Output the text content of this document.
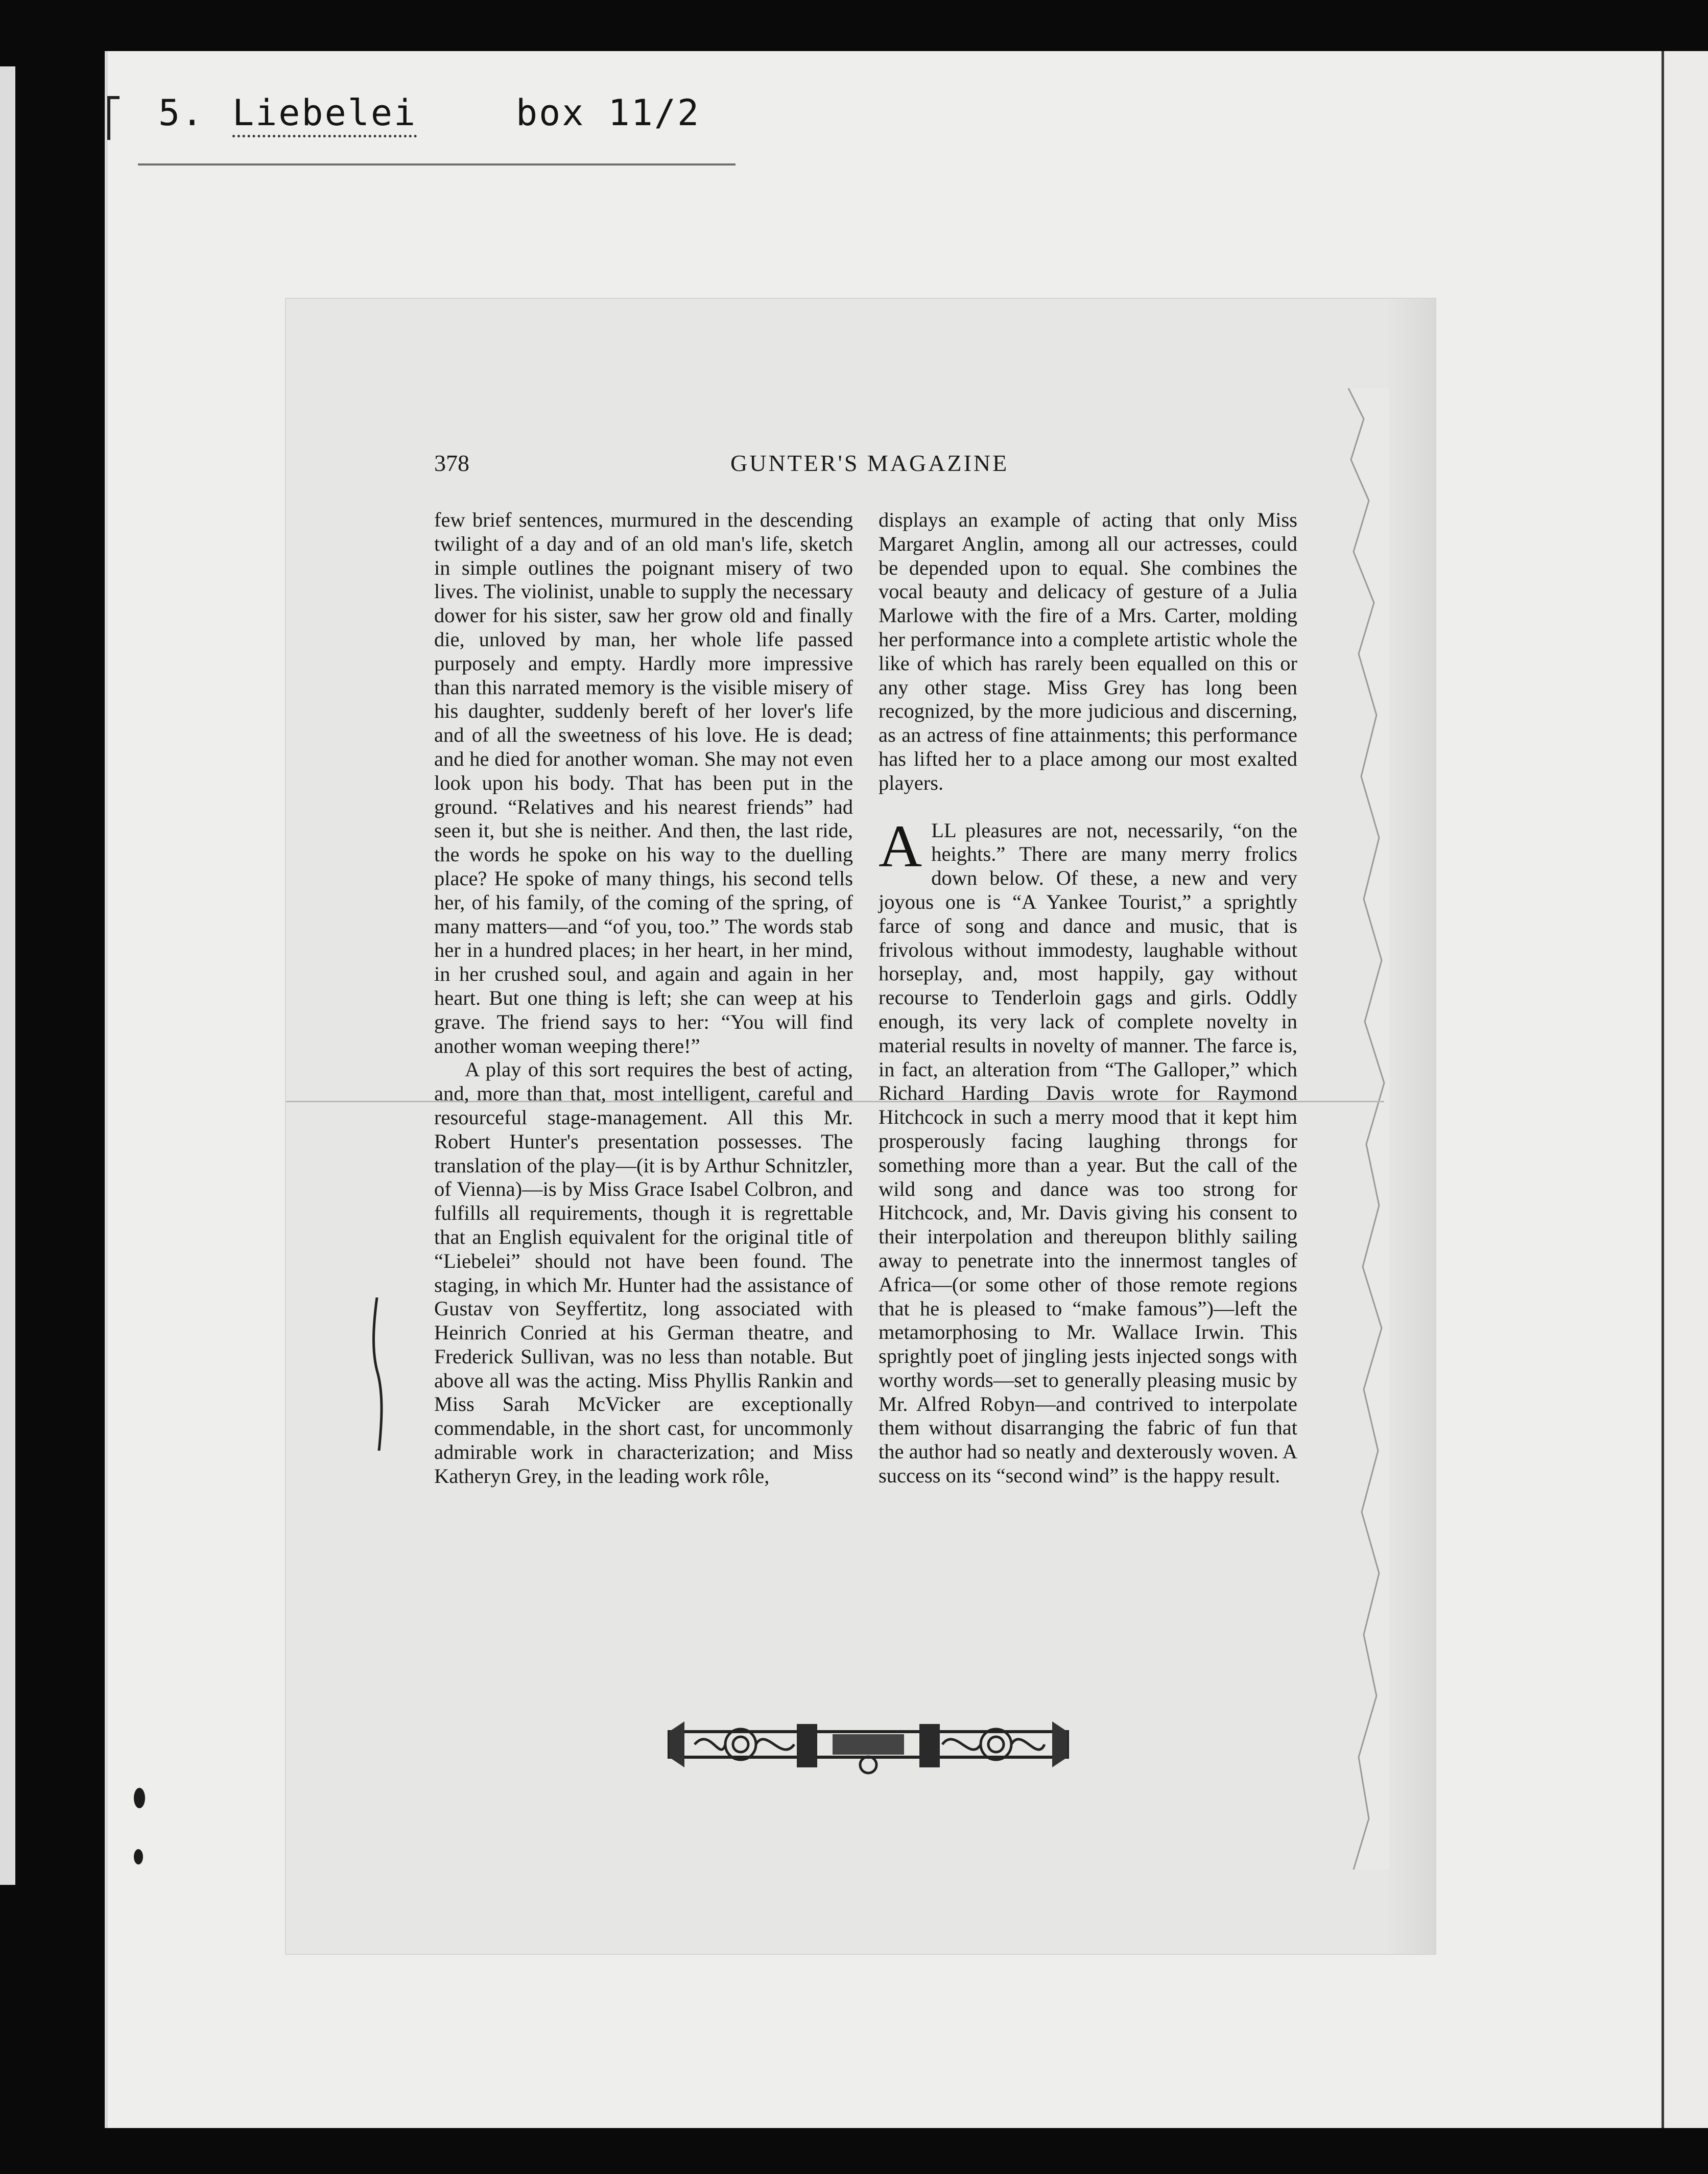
5.

Liebelei

	box 11/2

378	GUNTER'S MAGAZINE

few brief sentences, murmured in the descending twilight of a day and of an old man's life, sketch in simple outlines the poignant misery of two lives. The violinist, unable to supply the necessary dower for his sister, saw her grow old and finally die, unloved by man, her whole life passed purposely and empty. Hardly more impressive than this narrated memory is the visible misery of his daughter, suddenly bereft of her lover's life and of all the sweetness of his love. He is dead; and he died for another woman. She may not even look upon his body. That has been put in the ground. “Relatives and his nearest friends” had seen it, but she is neither. And then, the last ride, the words he spoke on his way to the duelling place? He spoke of many things, his second tells her, of his family, of the coming of the spring, of many matters—and “of you, too.” The words stab her in a hundred places; in her heart, in her mind, in her crushed soul, and again and again in her heart. But one thing is left; she can weep at his grave. The friend says to her: “You will find another woman weeping there!”

A play of this sort requires the best of acting, and, more than that, most intelligent, careful and resourceful stage-management. All this Mr. Robert Hunter's presentation possesses. The translation of the play—(it is by Arthur Schnitzler, of Vienna)—is by Miss Grace Isabel Colbron, and fulfills all requirements, though it is regrettable that an English equivalent for the original title of “Liebelei” should not have been found. The staging, in which Mr. Hunter had the assistance of Gustav von Seyffertitz, long associated with Heinrich Conried at his German theatre, and Frederick Sullivan, was no less than notable. But above all was the acting. Miss Phyllis Rankin and Miss Sarah McVicker are exceptionally commendable, in the short cast, for uncommonly admirable work in characterization; and Miss Katheryn Grey, in the leading work rôle,

displays an example of acting that only Miss Margaret Anglin, among all our actresses, could be depended upon to equal. She combines the vocal beauty and delicacy of gesture of a Julia Marlowe with the fire of a Mrs. Carter, molding her performance into a complete artistic whole the like of which has rarely been equalled on this or any other stage. Miss Grey has long been recognized, by the more judicious and discerning, as an actress of fine attainments; this performance has lifted her to a place among our most exalted players.

ALL pleasures are not, necessarily, “on the heights.” There are many merry frolics down below. Of these, a new and very joyous one is “A Yankee Tourist,” a sprightly farce of song and dance and music, that is frivolous without immodesty, laughable without horseplay, and, most happily, gay without recourse to Tenderloin gags and girls. Oddly enough, its very lack of complete novelty in material results in novelty of manner. The farce is, in fact, an alteration from “The Galloper,” which Richard Harding Davis wrote for Raymond Hitchcock in such a merry mood that it kept him prosperously facing laughing throngs for something more than a year. But the call of the wild song and dance was too strong for Hitchcock, and, Mr. Davis giving his consent to their interpolation and thereupon blithly sailing away to penetrate into the innermost tangles of Africa—(or some other of those remote regions that he is pleased to “make famous”)—left the metamorphosing to Mr. Wallace Irwin. This sprightly poet of jingling jests injected songs with worthy words—set to generally pleasing music by Mr. Alfred Robyn—and contrived to interpolate them without disarranging the fabric of fun that the author had so neatly and dexterously woven. A success on its “second wind” is the happy result.
